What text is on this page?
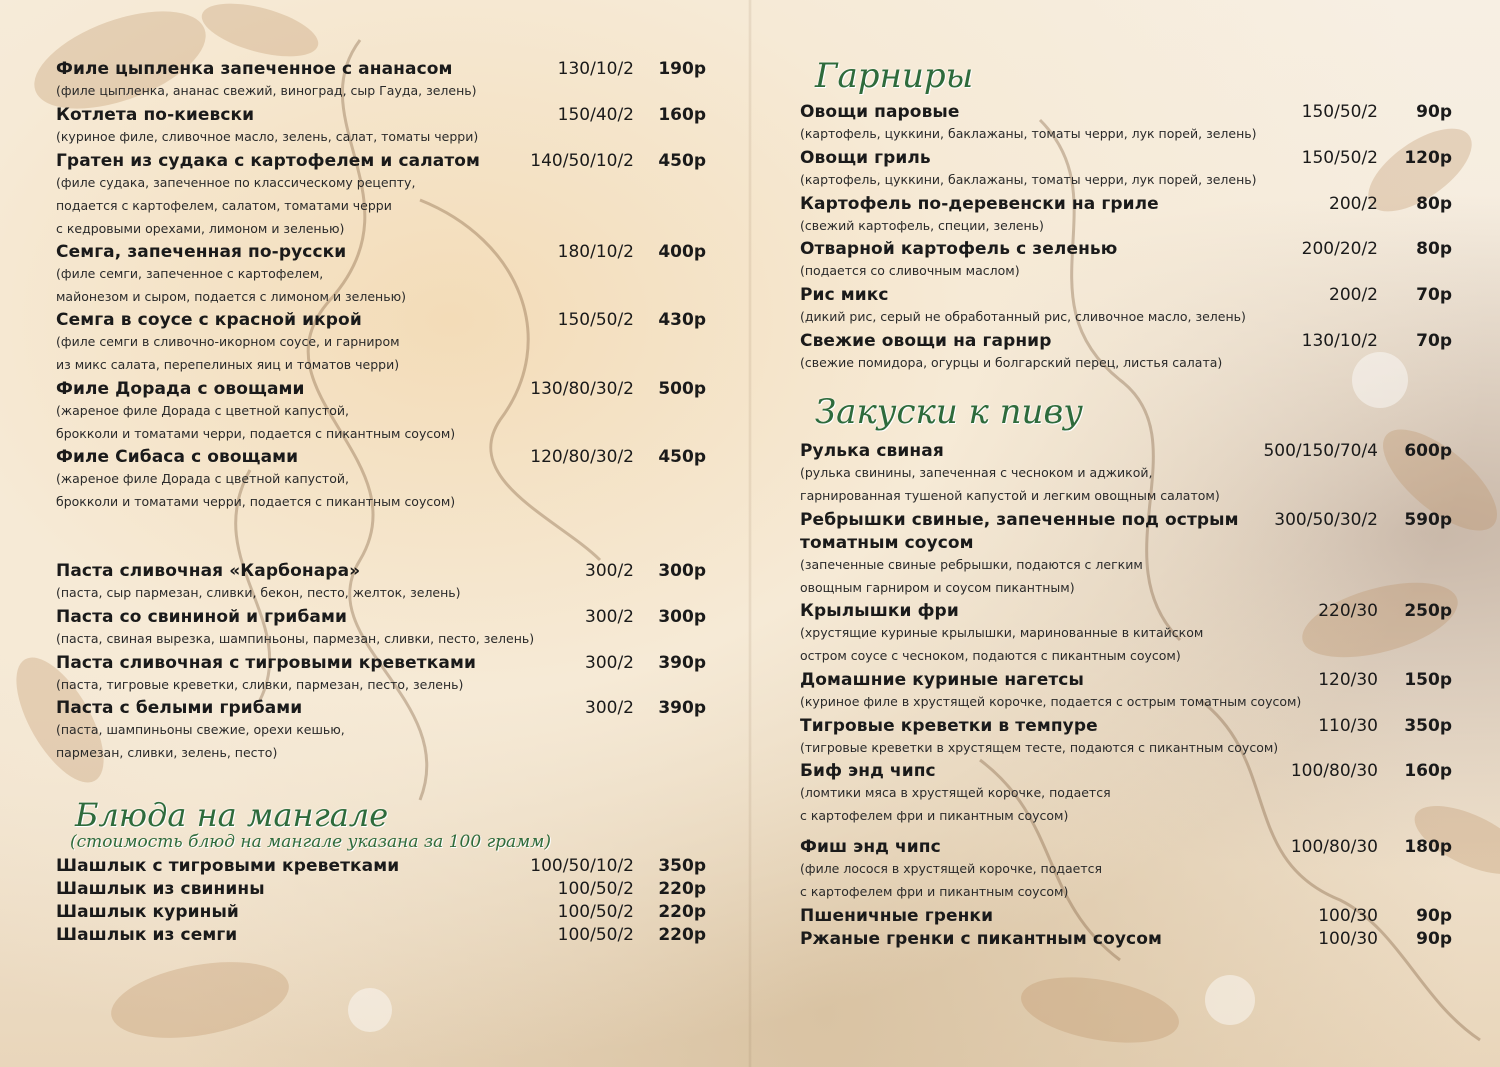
Блюда на мангале
(стоимость блюд на мангале указана за 100 грамм)
Гарниры
Закуски к пиву
Филе цыпленка запеченное с ананасом	130/10/2 190р
(филе цыпленка, ананас свежий, виноград, сыр Гауда, зелень)
Котлета по-киевски	150/40/2 160р
(куриное филе, сливочное масло, зелень, салат, томаты черри)
Гратен из судака с картофелем и салатом	140/50/10/2 450р
(филе судака, запеченное по классическому рецепту,
подается с картофелем, салатом, томатами черри
с кедровыми орехами, лимоном и зеленью)
Семга, запеченная по-русски	180/10/2 400р
(филе семги, запеченное с картофелем,
майонезом и сыром, подается с лимоном и зеленью)
Семга в соусе с красной икрой	150/50/2 430р
(филе семги в сливочно-икорном соусе, и гарниром
из микс салата, перепелиных яиц и томатов черри)
Филе Дорада с овощами	130/80/30/2 500р
(жареное филе Дорада с цветной капустой,
брокколи и томатами черри, подается с пикантным соусом)
Филе Сибаса с овощами	120/80/30/2 450р
(жареное филе Дорада с цветной капустой,
брокколи и томатами черри, подается с пикантным соусом)
Паста сливочная «Карбонара»	300/2 300р
(паста, сыр пармезан, сливки, бекон, песто, желток, зелень)
Паста со свининой и грибами	300/2 300р
(паста, свиная вырезка, шампиньоны, пармезан, сливки, песто, зелень)
Паста сливочная с тигровыми креветками	300/2 390р
(паста, тигровые креветки, сливки, пармезан, песто, зелень)
Паста с белыми грибами	300/2 390р
(паста, шампиньоны свежие, орехи кешью,
пармезан, сливки, зелень, песто)
Шашлык с тигровыми креветками	100/50/10/2 350р
Шашлык из свинины	100/50/2 220р
Шашлык куриный	100/50/2 220р
Шашлык из семги	100/50/2 220р
Овощи паровые	150/50/2 90р
(картофель, цуккини, баклажаны, томаты черри, лук порей, зелень)
Овощи гриль	150/50/2 120р
(картофель, цуккини, баклажаны, томаты черри, лук порей, зелень)
Картофель по-деревенски на гриле	200/2 80р
(свежий картофель, специи, зелень)
Отварной картофель с зеленью	200/20/2 80р
(подается со сливочным маслом)
Рис микс	200/2 70р
(дикий рис, серый не обработанный рис, сливочное масло, зелень)
Свежие овощи на гарнир	130/10/2 70р
(свежие помидора, огурцы и болгарский перец, листья салата)
Рулька свиная	500/150/70/4 600р
(рулька свинины, запеченная с чесноком и аджикой,
гарнированная тушеной капустой и легким овощным салатом)
Ребрышки свиные, запеченные под острым 300/50/30/2 590р
томатным соусом
(запеченные свиные ребрышки, подаются с легким
овощным гарниром и соусом пикантным)
Крылышки фри	220/30 250р
(хрустящие куриные крылышки, маринованные в китайском
остром соусе с чесноком, подаются с пикантным соусом)
Домашние куриные нагетсы	120/30 150р
(куриное филе в хрустящей корочке, подается с острым томатным соусом)
Тигровые креветки в темпуре	110/30 350р
(тигровые креветки в хрустящем тесте, подаются с пикантным соусом)
Биф энд чипс	100/80/30 160р
(ломтики мяса в хрустящей корочке, подается
с картофелем фри и пикантным соусом)
Фиш энд чипс	100/80/30 180р
(филе лосося в хрустящей корочке, подается
с картофелем фри и пикантным соусом)
Пшеничные гренки	100/30 90р
Ржаные гренки с пикантным соусом	100/30 90р
